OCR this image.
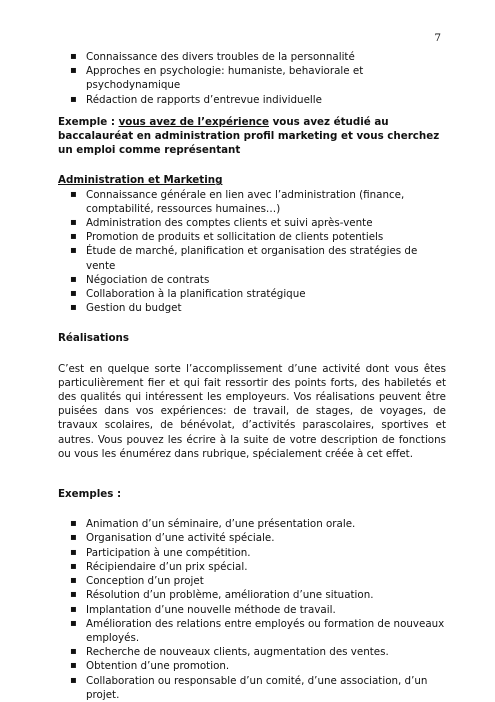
7
▪ Connaissance des divers troubles de la personnalité
▪ Approches en psychologie: humaniste, behaviorale et psychodynamique
▪ Rédaction de rapports d’entrevue individuelle

Exemple : vous avez de l’expérience vous avez étudié au baccalauréat en administration profil marketing et vous cherchez un emploi comme représentant

Administration et Marketing

▪ Connaissance générale en lien avec l’administration (finance, comptabilité, ressources humaines…)
▪ Administration des comptes clients et suivi après-vente
▪ Promotion de produits et sollicitation de clients potentiels
▪ Étude de marché, planification et organisation des stratégies de vente
▪ Négociation de contrats
▪ Collaboration à la planification stratégique
▪ Gestion du budget

Réalisations

C’est en quelque sorte l’accomplissement d’une activité dont vous êtes particulièrement fier et qui fait ressortir des points forts, des habiletés et des qualités qui intéressent les employeurs. Vos réalisations peuvent être puisées dans vos expériences: de travail, de stages, de voyages, de travaux scolaires, de bénévolat, d’activités parascolaires, sportives et autres. Vous pouvez les écrire à la suite de votre description de fonctions ou vous les énumérez dans rubrique, spécialement créée à cet effet.

Exemples :

▪ Animation d’un séminaire, d’une présentation orale.
▪ Organisation d’une activité spéciale.
▪ Participation à une compétition.
▪ Récipiendaire d’un prix spécial.
▪ Conception d’un projet
▪ Résolution d’un problème, amélioration d’une situation.
▪ Implantation d’une nouvelle méthode de travail.
▪ Amélioration des relations entre employés ou formation de nouveaux employés.
▪ Recherche de nouveaux clients, augmentation des ventes.
▪ Obtention d’une promotion.
▪ Collaboration ou responsable d’un comité, d’une association, d’un projet.
